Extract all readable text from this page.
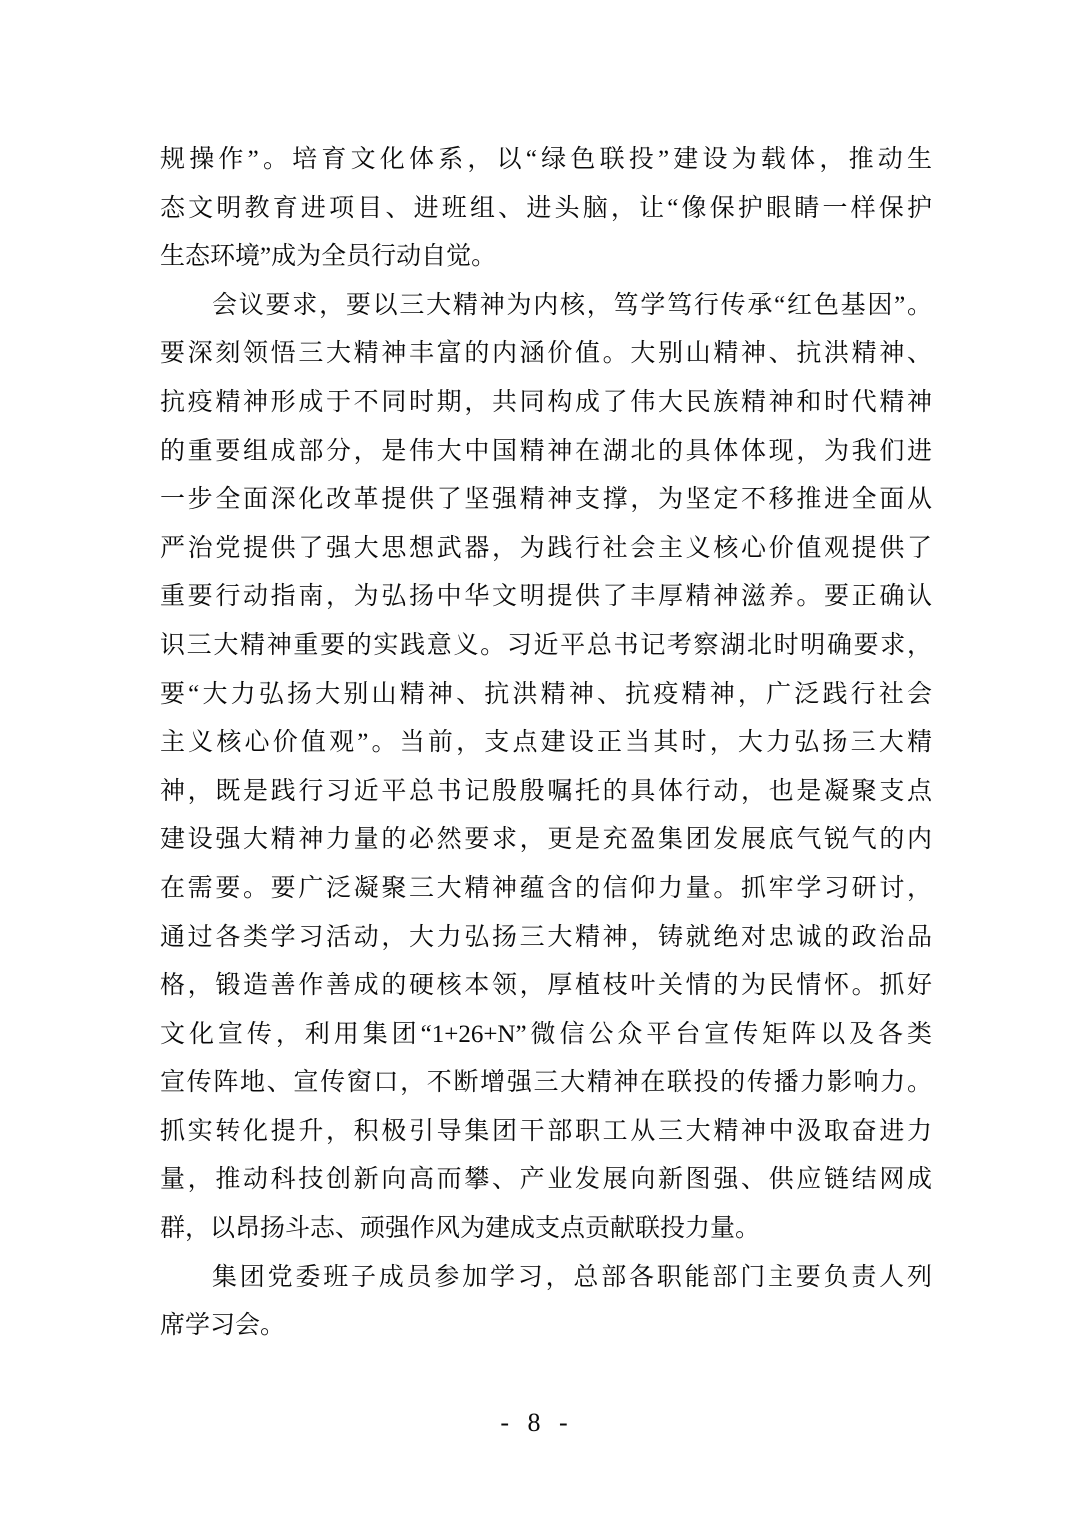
规操作”。培育文化体系，以“绿色联投”建设为载体，推动生
态文明教育进项目、进班组、进头脑，让“像保护眼睛一样保护
生态环境”成为全员行动自觉。
会议要求，要以三大精神为内核，笃学笃行传承“红色基因”。
要深刻领悟三大精神丰富的内涵价值。大别山精神、抗洪精神、
抗疫精神形成于不同时期，共同构成了伟大民族精神和时代精神
的重要组成部分，是伟大中国精神在湖北的具体体现，为我们进
一步全面深化改革提供了坚强精神支撑，为坚定不移推进全面从
严治党提供了强大思想武器，为践行社会主义核心价值观提供了
重要行动指南，为弘扬中华文明提供了丰厚精神滋养。要正确认
识三大精神重要的实践意义。习近平总书记考察湖北时明确要求，
要“大力弘扬大别山精神、抗洪精神、抗疫精神，广泛践行社会
主义核心价值观”。当前，支点建设正当其时，大力弘扬三大精
神，既是践行习近平总书记殷殷嘱托的具体行动，也是凝聚支点
建设强大精神力量的必然要求，更是充盈集团发展底气锐气的内
在需要。要广泛凝聚三大精神蕴含的信仰力量。抓牢学习研讨，
通过各类学习活动，大力弘扬三大精神，铸就绝对忠诚的政治品
格，锻造善作善成的硬核本领，厚植枝叶关情的为民情怀。抓好
文化宣传，利用集团“1+26+N”微信公众平台宣传矩阵以及各类
宣传阵地、宣传窗口，不断增强三大精神在联投的传播力影响力。
抓实转化提升，积极引导集团干部职工从三大精神中汲取奋进力
量，推动科技创新向高而攀、产业发展向新图强、供应链结网成
群，以昂扬斗志、顽强作风为建成支点贡献联投力量。
集团党委班子成员参加学习，总部各职能部门主要负责人列
席学习会。
- 8 -
